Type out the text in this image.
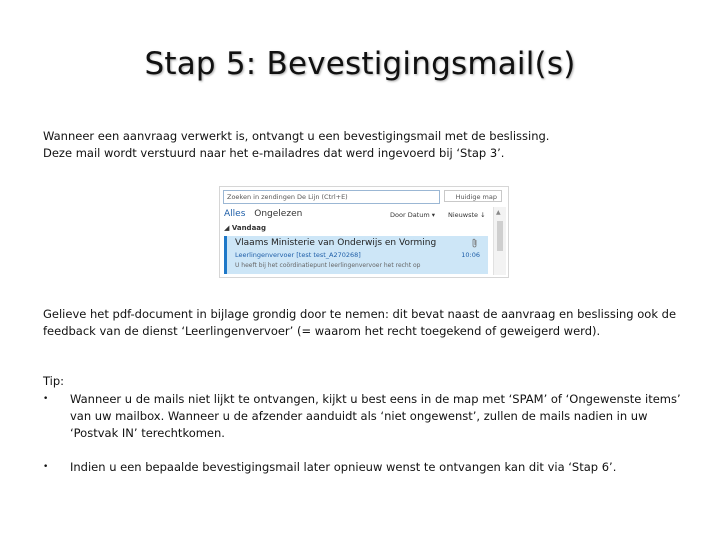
Stap 5: Bevestigingsmail(s)
Wanneer een aanvraag verwerkt is, ontvangt u een bevestigingsmail met de beslissing.
Deze mail wordt verstuurd naar het e-mailadres dat werd ingevoerd bij ‘Stap 3’.
Zoeken in zendingen De Lijn (Ctrl+E)	Huidige map
Alles Ongelezen	Door Datum ▾ Nieuwste ↓
◢ Vandaag
Vlaams Ministerie van Onderwijs en Vorming
Leerlingenvervoer [test test_A270268]	10:06
U heeft bij het coördinatiepunt leerlingenvervoer het recht op
▲
Gelieve het pdf-document in bijlage grondig door te nemen: dit bevat naast de aanvraag en beslissing ook de feedback van de dienst ‘Leerlingenvervoer’ (= waarom het recht toegekend of geweigerd werd).
Tip:
• Wanneer u de mails niet lijkt te ontvangen, kijkt u best eens in de map met ‘SPAM’ of ‘Ongewenste items’ van uw mailbox. Wanneer u de afzender aanduidt als ‘niet ongewenst’, zullen de mails nadien in uw ‘Postvak IN’ terechtkomen.
• Indien u een bepaalde bevestigingsmail later opnieuw wenst te ontvangen kan dit via ‘Stap 6’.
